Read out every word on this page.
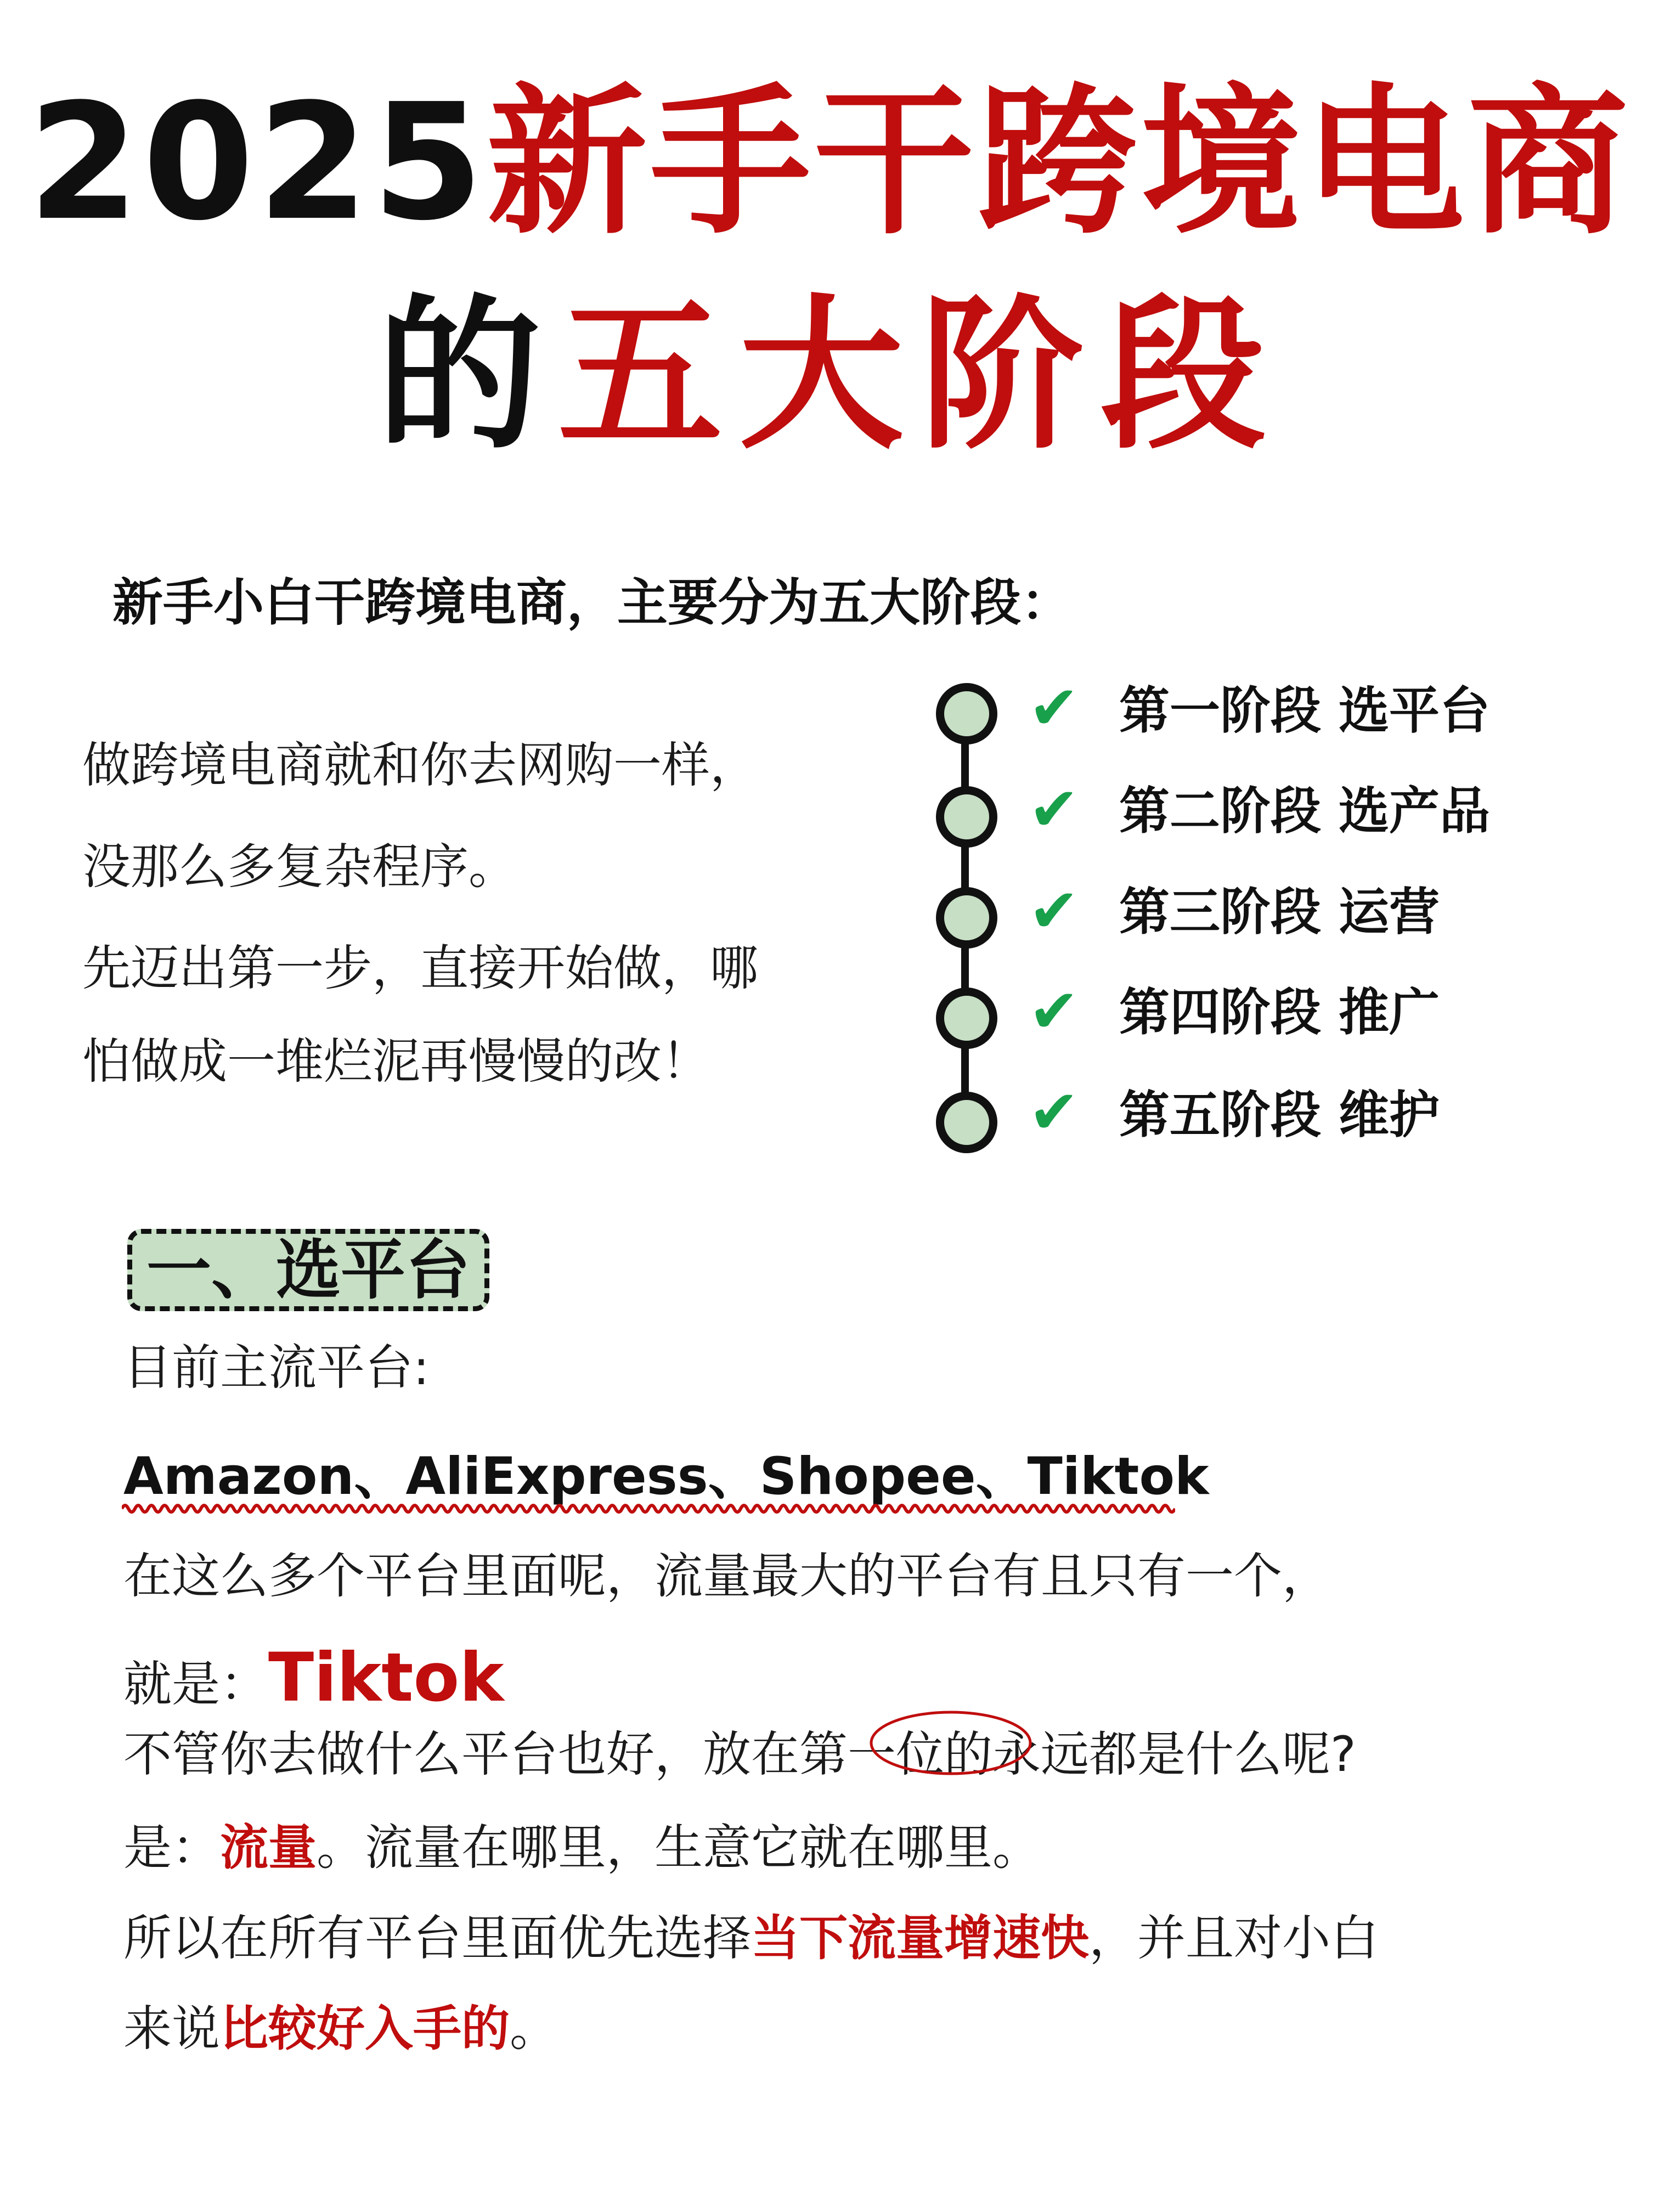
2025新手干跨境电商
的五大阶段
新手小白干跨境电商，主要分为五大阶段：
做跨境电商就和你去网购一样，
没那么多复杂程序。
先迈出第一步，直接开始做，哪
怕做成一堆烂泥再慢慢的改！
✔
✔
✔
✔
✔
第一阶段 选平台
第二阶段 选产品
第三阶段 运营
第四阶段 推广
第五阶段 维护
一、选平台
目前主流平台:
Amazon、AliExpress、Shopee、Tiktok
在这么多个平台里面呢，流量最大的平台有且只有一个，
就是：Tiktok
不管你去做什么平台也好，放在第一位的永远都是什么呢?
是：流量。流量在哪里，生意它就在哪里。
所以在所有平台里面优先选择当下流量增速快，并且对小白
来说比较好入手的。
